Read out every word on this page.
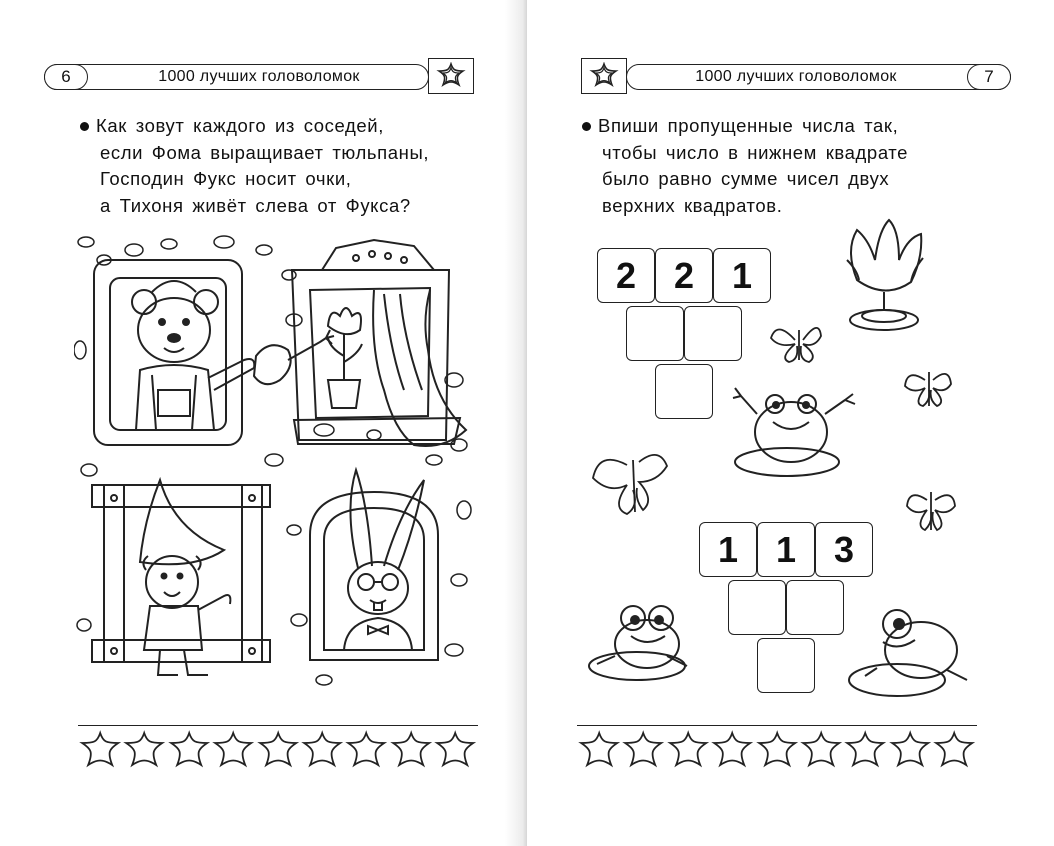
6	1000 лучших головоломок
Как зовут каждого из соседей,
если Фома выращивает тюльпаны,
Господин Фукс носит очки,
а Тихоня живёт слева от Фукса?
1000 лучших головоломок	7
Впиши пропущенные числа так,
чтобы число в нижнем квадрате
было равно сумме чисел двух
верхних квадратов.
2	2	1
1	1	3
